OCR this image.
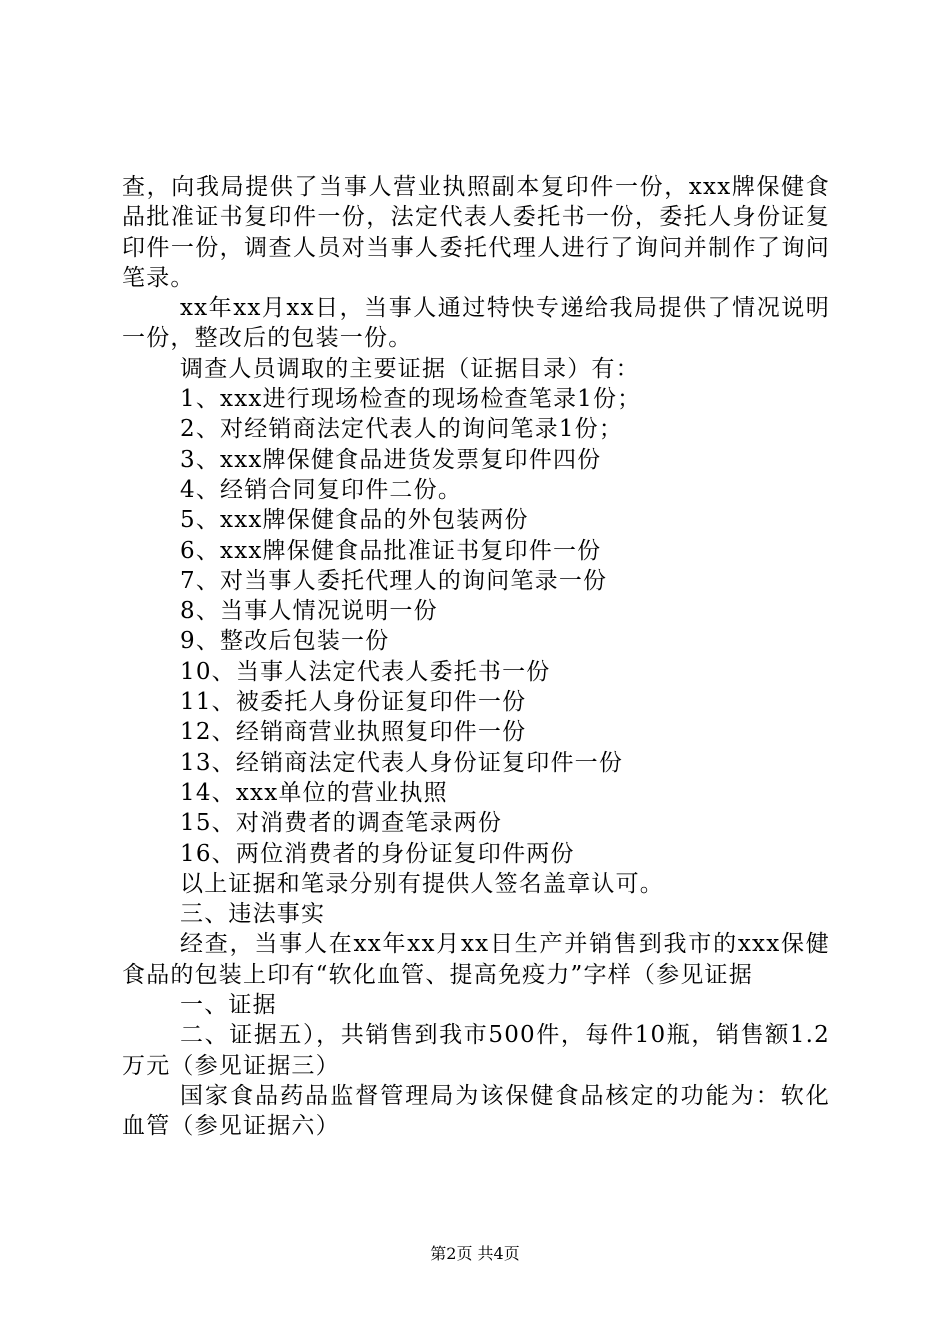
查，向我局提供了当事人营业执照副本复印件一份，xxx牌保健食品批准证书复印件一份，法定代表人委托书一份，委托人身份证复印件一份，调查人员对当事人委托代理人进行了询问并制作了询问笔录。

xx年xx月xx日，当事人通过特快专递给我局提供了情况说明一份，整改后的包装一份。

调查人员调取的主要证据（证据目录）有：

1、xxx进行现场检查的现场检查笔录1份；

2、对经销商法定代表人的询问笔录1份；

3、xxx牌保健食品进货发票复印件四份

4、经销合同复印件二份。

5、xxx牌保健食品的外包装两份

6、xxx牌保健食品批准证书复印件一份

7、对当事人委托代理人的询问笔录一份

8、当事人情况说明一份

9、整改后包装一份

10、当事人法定代表人委托书一份

11、被委托人身份证复印件一份

12、经销商营业执照复印件一份

13、经销商法定代表人身份证复印件一份

14、xxx单位的营业执照

15、对消费者的调查笔录两份

16、两位消费者的身份证复印件两份

以上证据和笔录分别有提供人签名盖章认可。

三、违法事实

经查，当事人在xx年xx月xx日生产并销售到我市的xxx保健食品的包装上印有“软化血管、提高免疫力”字样（参见证据

一、证据

二、证据五），共销售到我市500件，每件10瓶，销售额1.2万元（参见证据三）

国家食品药品监督管理局为该保健食品核定的功能为：软化血管（参见证据六）

第2页 共4页
